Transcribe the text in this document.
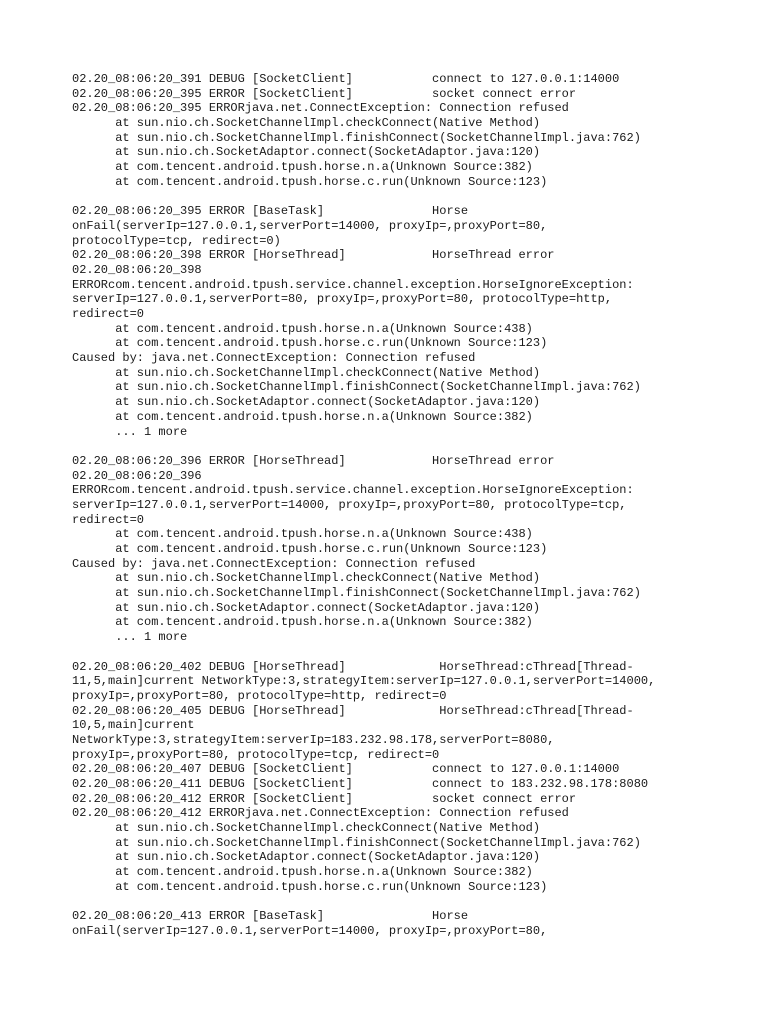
02.20_08:06:20_391 DEBUG [SocketClient]           connect to 127.0.0.1:14000
02.20_08:06:20_395 ERROR [SocketClient]           socket connect error
02.20_08:06:20_395 ERRORjava.net.ConnectException: Connection refused
at sun.nio.ch.SocketChannelImpl.checkConnect(Native Method)
at sun.nio.ch.SocketChannelImpl.finishConnect(SocketChannelImpl.java:762)
at sun.nio.ch.SocketAdaptor.connect(SocketAdaptor.java:120)
at com.tencent.android.tpush.horse.n.a(Unknown Source:382)
at com.tencent.android.tpush.horse.c.run(Unknown Source:123)
02.20_08:06:20_395 ERROR [BaseTask]               Horse
onFail(serverIp=127.0.0.1,serverPort=14000, proxyIp=,proxyPort=80,
protocolType=tcp, redirect=0)
02.20_08:06:20_398 ERROR [HorseThread]            HorseThread error
02.20_08:06:20_398
ERRORcom.tencent.android.tpush.service.channel.exception.HorseIgnoreException:
serverIp=127.0.0.1,serverPort=80, proxyIp=,proxyPort=80, protocolType=http,
redirect=0
at com.tencent.android.tpush.horse.n.a(Unknown Source:438)
at com.tencent.android.tpush.horse.c.run(Unknown Source:123)
Caused by: java.net.ConnectException: Connection refused
at sun.nio.ch.SocketChannelImpl.checkConnect(Native Method)
at sun.nio.ch.SocketChannelImpl.finishConnect(SocketChannelImpl.java:762)
at sun.nio.ch.SocketAdaptor.connect(SocketAdaptor.java:120)
at com.tencent.android.tpush.horse.n.a(Unknown Source:382)
... 1 more
02.20_08:06:20_396 ERROR [HorseThread]            HorseThread error
02.20_08:06:20_396
ERRORcom.tencent.android.tpush.service.channel.exception.HorseIgnoreException:
serverIp=127.0.0.1,serverPort=14000, proxyIp=,proxyPort=80, protocolType=tcp,
redirect=0
at com.tencent.android.tpush.horse.n.a(Unknown Source:438)
at com.tencent.android.tpush.horse.c.run(Unknown Source:123)
Caused by: java.net.ConnectException: Connection refused
at sun.nio.ch.SocketChannelImpl.checkConnect(Native Method)
at sun.nio.ch.SocketChannelImpl.finishConnect(SocketChannelImpl.java:762)
at sun.nio.ch.SocketAdaptor.connect(SocketAdaptor.java:120)
at com.tencent.android.tpush.horse.n.a(Unknown Source:382)
... 1 more
02.20_08:06:20_402 DEBUG [HorseThread]             HorseThread:cThread[Thread-
11,5,main]current NetworkType:3,strategyItem:serverIp=127.0.0.1,serverPort=14000,
proxyIp=,proxyPort=80, protocolType=http, redirect=0
02.20_08:06:20_405 DEBUG [HorseThread]             HorseThread:cThread[Thread-
10,5,main]current
NetworkType:3,strategyItem:serverIp=183.232.98.178,serverPort=8080,
proxyIp=,proxyPort=80, protocolType=tcp, redirect=0
02.20_08:06:20_407 DEBUG [SocketClient]           connect to 127.0.0.1:14000
02.20_08:06:20_411 DEBUG [SocketClient]           connect to 183.232.98.178:8080
02.20_08:06:20_412 ERROR [SocketClient]           socket connect error
02.20_08:06:20_412 ERRORjava.net.ConnectException: Connection refused
at sun.nio.ch.SocketChannelImpl.checkConnect(Native Method)
at sun.nio.ch.SocketChannelImpl.finishConnect(SocketChannelImpl.java:762)
at sun.nio.ch.SocketAdaptor.connect(SocketAdaptor.java:120)
at com.tencent.android.tpush.horse.n.a(Unknown Source:382)
at com.tencent.android.tpush.horse.c.run(Unknown Source:123)
02.20_08:06:20_413 ERROR [BaseTask]               Horse
onFail(serverIp=127.0.0.1,serverPort=14000, proxyIp=,proxyPort=80,
